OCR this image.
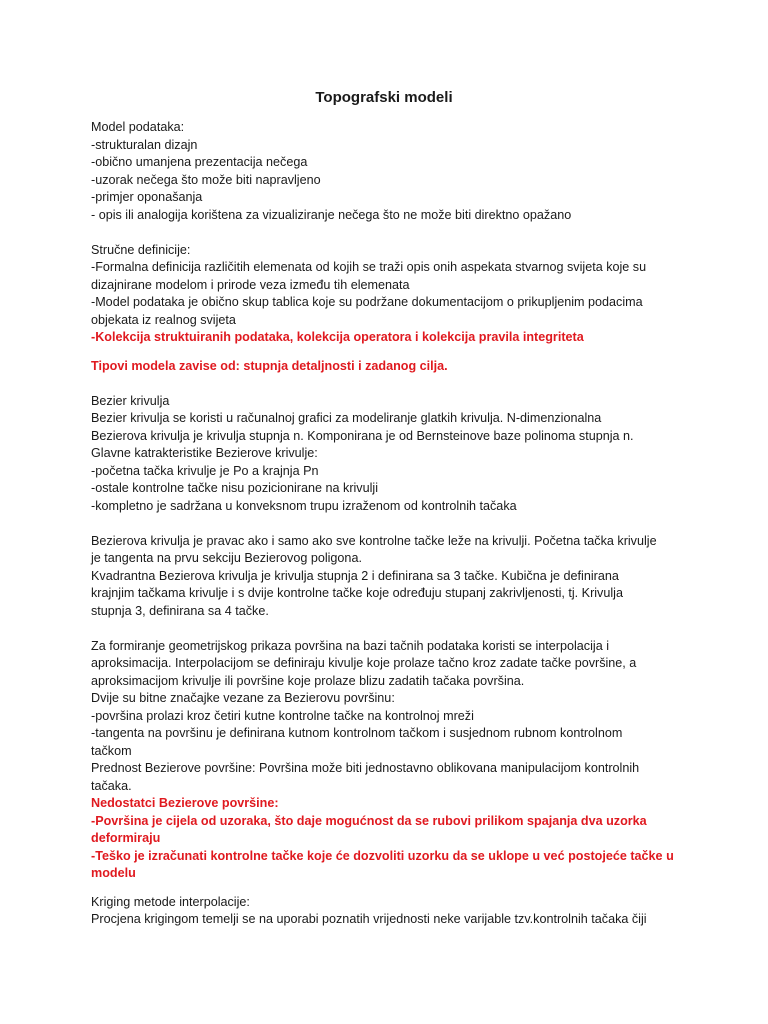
Topografski modeli
Model podataka:
-strukturalan dizajn
-obično umanjena prezentacija nečega
-uzorak nečega što može biti napravljeno
-primjer oponašanja
- opis ili analogija korištena za vizualiziranje nečega što ne može biti direktno opažano
Stručne definicije:
-Formalna definicija različitih elemenata od kojih se traži opis onih aspekata stvarnog svijeta koje su
dizajnirane modelom i prirode veza između tih elemenata
-Model podataka je obično skup tablica koje su podržane dokumentacijom o prikupljenim podacima
objekata iz realnog svijeta
-Kolekcija struktuiranih podataka, kolekcija operatora i kolekcija pravila integriteta
Tipovi modela zavise od: stupnja detaljnosti i zadanog cilja.
Bezier krivulja
Bezier krivulja se koristi u računalnoj grafici za modeliranje glatkih krivulja. N-dimenzionalna
Bezierova krivulja je krivulja stupnja n. Komponirana je od Bernsteinove baze polinoma stupnja n.
Glavne katrakteristike Bezierove krivulje:
-početna tačka krivulje je Po a krajnja Pn
-ostale kontrolne tačke nisu pozicionirane na krivulji
-kompletno je sadržana u konveksnom trupu izraženom od kontrolnih tačaka
Bezierova krivulja je pravac ako i samo ako sve kontrolne tačke leže na krivulji. Početna tačka krivulje
je tangenta na prvu sekciju Bezierovog poligona.
Kvadrantna Bezierova krivulja je krivulja stupnja 2 i definirana sa 3 tačke. Kubična je definirana
krajnjim tačkama krivulje i s dvije kontrolne tačke koje određuju stupanj zakrivljenosti, tj. Krivulja
stupnja 3, definirana sa 4 tačke.
Za formiranje geometrijskog prikaza površina na bazi tačnih podataka koristi se interpolacija i
aproksimacija. Interpolacijom se definiraju kivulje koje prolaze tačno kroz zadate tačke površine, a
aproksimacijom krivulje ili površine koje prolaze blizu zadatih tačaka površina.
Dvije su bitne značajke vezane za Bezierovu površinu:
-površina prolazi kroz četiri kutne kontrolne tačke na kontrolnoj mreži
-tangenta na površinu je definirana kutnom kontrolnom tačkom i susjednom rubnom kontrolnom
tačkom
Prednost Bezierove površine: Površina može biti jednostavno oblikovana manipulacijom kontrolnih
tačaka.
Nedostatci Bezierove površine:
-Površina je cijela od uzoraka, što daje mogućnost da se rubovi prilikom spajanja dva uzorka
deformiraju
-Teško je izračunati kontrolne tačke koje će dozvoliti uzorku da se uklope u već postojeće tačke u
modelu
Kriging metode interpolacije:
Procjena krigingom temelji se na uporabi poznatih vrijednosti neke varijable tzv.kontrolnih tačaka čiji
